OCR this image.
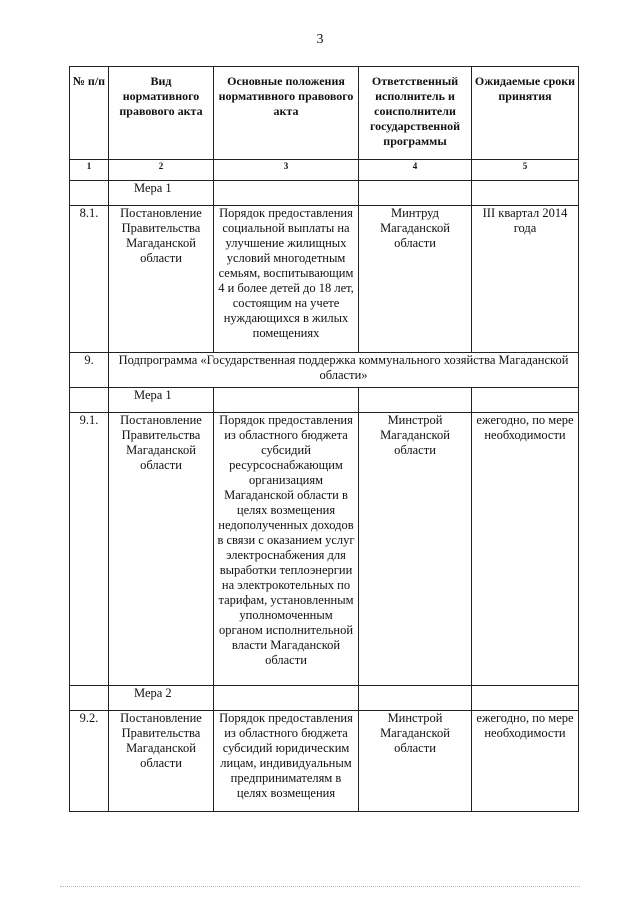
3
№ п/п	Вид нормативного правового акта	Основные положения нормативного правового акта	Ответственный исполнитель и соисполнители государственной программы	Ожидаемые сроки принятия
1	2	3	4	5
	Мера 1			
8.1.	Постановление Правительства Магаданской области	Порядок предоставления социальной выплаты на улучшение жилищных условий многодетным семьям, воспитывающим 4 и более детей до 18 лет, состоящим на учете нуждающихся в жилых помещениях	Минтруд Магаданской области	III квартал 2014 года
9.	Подпрограмма «Государственная поддержка коммунального хозяйства Магаданской области»			
	Мера 1			
9.1.	Постановление Правительства Магаданской области	Порядок предоставления из областного бюджета субсидий ресурсоснабжающим организациям Магаданской области в целях возмещения недополученных доходов в связи с оказанием услуг электроснабжения для выработки теплоэнергии на электрокотельных по тарифам, установленным уполномоченным органом исполнительной власти Магаданской области	Минстрой Магаданской области	ежегодно, по мере необходимости
	Мера 2			
9.2.	Постановление Правительства Магаданской области	Порядок предоставления из областного бюджета субсидий юридическим лицам, индивидуальным предпринимателям в целях возмещения	Минстрой Магаданской области	ежегодно, по мере необходимости
